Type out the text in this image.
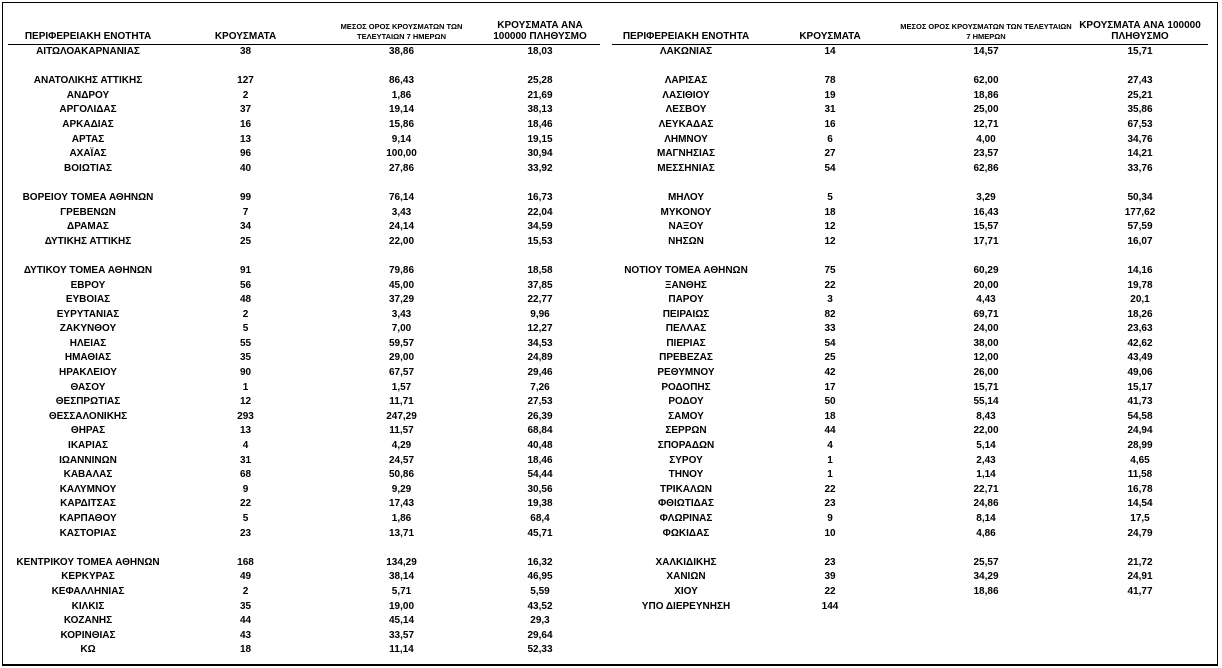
ΠΕΡΙΦΕΡΕΙΑΚΗ ΕΝΟΤΗΤΑ	ΚΡΟΥΣΜΑΤΑ	ΜΕΣΟΣ ΟΡΟΣ ΚΡΟΥΣΜΑΤΩΝ ΤΩΝ ΤΕΛΕΥΤΑΙΩΝ 7 ΗΜΕΡΩΝ	ΚΡΟΥΣΜΑΤΑ ΑΝΑ 100000 ΠΛΗΘΥΣΜΟ
ΑΙΤΩΛΟΑΚΑΡΝΑΝΙΑΣ	38	38,86	18,03

ΑΝΑΤΟΛΙΚΗΣ ΑΤΤΙΚΗΣ	127	86,43	25,28
ΑΝΔΡΟΥ	2	1,86	21,69
ΑΡΓΟΛΙΔΑΣ	37	19,14	38,13
ΑΡΚΑΔΙΑΣ	16	15,86	18,46
ΑΡΤΑΣ	13	9,14	19,15
ΑΧΑΪΑΣ	96	100,00	30,94
ΒΟΙΩΤΙΑΣ	40	27,86	33,92

ΒΟΡΕΙΟΥ ΤΟΜΕΑ ΑΘΗΝΩΝ	99	76,14	16,73
ΓΡΕΒΕΝΩΝ	7	3,43	22,04
ΔΡΑΜΑΣ	34	24,14	34,59
ΔΥΤΙΚΗΣ ΑΤΤΙΚΗΣ	25	22,00	15,53

ΔΥΤΙΚΟΥ ΤΟΜΕΑ ΑΘΗΝΩΝ	91	79,86	18,58
ΕΒΡΟΥ	56	45,00	37,85
ΕΥΒΟΙΑΣ	48	37,29	22,77
ΕΥΡΥΤΑΝΙΑΣ	2	3,43	9,96
ΖΑΚΥΝΘΟΥ	5	7,00	12,27
ΗΛΕΙΑΣ	55	59,57	34,53
ΗΜΑΘΙΑΣ	35	29,00	24,89
ΗΡΑΚΛΕΙΟΥ	90	67,57	29,46
ΘΑΣΟΥ	1	1,57	7,26
ΘΕΣΠΡΩΤΙΑΣ	12	11,71	27,53
ΘΕΣΣΑΛΟΝΙΚΗΣ	293	247,29	26,39
ΘΗΡΑΣ	13	11,57	68,84
ΙΚΑΡΙΑΣ	4	4,29	40,48
ΙΩΑΝΝΙΝΩΝ	31	24,57	18,46
ΚΑΒΑΛΑΣ	68	50,86	54,44
ΚΑΛΥΜΝΟΥ	9	9,29	30,56
ΚΑΡΔΙΤΣΑΣ	22	17,43	19,38
ΚΑΡΠΑΘΟΥ	5	1,86	68,4
ΚΑΣΤΟΡΙΑΣ	23	13,71	45,71

ΚΕΝΤΡΙΚΟΥ ΤΟΜΕΑ ΑΘΗΝΩΝ	168	134,29	16,32
ΚΕΡΚΥΡΑΣ	49	38,14	46,95
ΚΕΦΑΛΛΗΝΙΑΣ	2	5,71	5,59
ΚΙΛΚΙΣ	35	19,00	43,52
ΚΟΖΑΝΗΣ	44	45,14	29,3
ΚΟΡΙΝΘΙΑΣ	43	33,57	29,64
ΚΩ	18	11,14	52,33
ΠΕΡΙΦΕΡΕΙΑΚΗ ΕΝΟΤΗΤΑ	ΚΡΟΥΣΜΑΤΑ	ΜΕΣΟΣ ΟΡΟΣ ΚΡΟΥΣΜΑΤΩΝ ΤΩΝ ΤΕΛΕΥΤΑΙΩΝ 7 ΗΜΕΡΩΝ	ΚΡΟΥΣΜΑΤΑ ΑΝΑ 100000 ΠΛΗΘΥΣΜΟ
ΛΑΚΩΝΙΑΣ	14	14,57	15,71

ΛΑΡΙΣΑΣ	78	62,00	27,43
ΛΑΣΙΘΙΟΥ	19	18,86	25,21
ΛΕΣΒΟΥ	31	25,00	35,86
ΛΕΥΚΑΔΑΣ	16	12,71	67,53
ΛΗΜΝΟΥ	6	4,00	34,76
ΜΑΓΝΗΣΙΑΣ	27	23,57	14,21
ΜΕΣΣΗΝΙΑΣ	54	62,86	33,76

ΜΗΛΟΥ	5	3,29	50,34
ΜΥΚΟΝΟΥ	18	16,43	177,62
ΝΑΞΟΥ	12	15,57	57,59
ΝΗΣΩΝ	12	17,71	16,07

ΝΟΤΙΟΥ ΤΟΜΕΑ ΑΘΗΝΩΝ	75	60,29	14,16
ΞΑΝΘΗΣ	22	20,00	19,78
ΠΑΡΟΥ	3	4,43	20,1
ΠΕΙΡΑΙΩΣ	82	69,71	18,26
ΠΕΛΛΑΣ	33	24,00	23,63
ΠΙΕΡΙΑΣ	54	38,00	42,62
ΠΡΕΒΕΖΑΣ	25	12,00	43,49
ΡΕΘΥΜΝΟΥ	42	26,00	49,06
ΡΟΔΟΠΗΣ	17	15,71	15,17
ΡΟΔΟΥ	50	55,14	41,73
ΣΑΜΟΥ	18	8,43	54,58
ΣΕΡΡΩΝ	44	22,00	24,94
ΣΠΟΡΑΔΩΝ	4	5,14	28,99
ΣΥΡΟΥ	1	2,43	4,65
ΤΗΝΟΥ	1	1,14	11,58
ΤΡΙΚΑΛΩΝ	22	22,71	16,78
ΦΘΙΩΤΙΔΑΣ	23	24,86	14,54
ΦΛΩΡΙΝΑΣ	9	8,14	17,5
ΦΩΚΙΔΑΣ	10	4,86	24,79

ΧΑΛΚΙΔΙΚΗΣ	23	25,57	21,72
ΧΑΝΙΩΝ	39	34,29	24,91
ΧΙΟΥ	22	18,86	41,77
ΥΠΟ ΔΙΕΡΕΥΝΗΣΗ	144		
